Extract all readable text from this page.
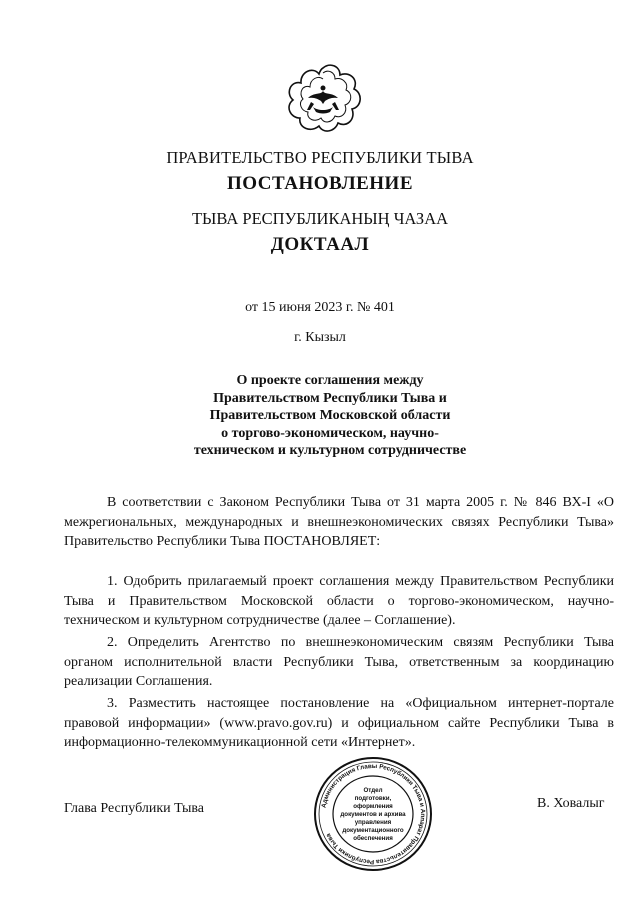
ПРАВИТЕЛЬСТВО РЕСПУБЛИКИ ТЫВА
ПОСТАНОВЛЕНИЕ
ТЫВА РЕСПУБЛИКАНЫҢ ЧАЗАА
ДОКТААЛ
от 15 июня 2023 г. № 401
г. Кызыл
О проекте соглашения между
Правительством Республики Тыва и
Правительством Московской области
о торгово-экономическом, научно-
техническом и культурном сотрудничестве
В соответствии с Законом Республики Тыва от 31 марта 2005 г. № 846 ВХ-I «О межрегиональных, международных и внешнеэкономических связях Республики Тыва» Правительство Республики Тыва ПОСТАНОВЛЯЕТ:
1. Одобрить прилагаемый проект соглашения между Правительством Республики Тыва и Правительством Московской области о торгово-экономическом, научно-техническом и культурном сотрудничестве (далее – Соглашение).
2. Определить Агентство по внешнеэкономическим связям Республики Тыва органом исполнительной власти Республики Тыва, ответственным за координацию реализации Соглашения.
3. Разместить настоящее постановление на «Официальном интернет-портале правовой информации» (www.pravo.gov.ru) и официальном сайте Республики Тыва в информационно-телекоммуникационной сети «Интернет».
Глава Республики Тыва	В. Ховалыг
Администрация Главы Республики Тыва и Аппарат Правительства Республики Тыва
Отдел
подготовки,
оформления
документов и архива
управления
документационного
обеспечения
